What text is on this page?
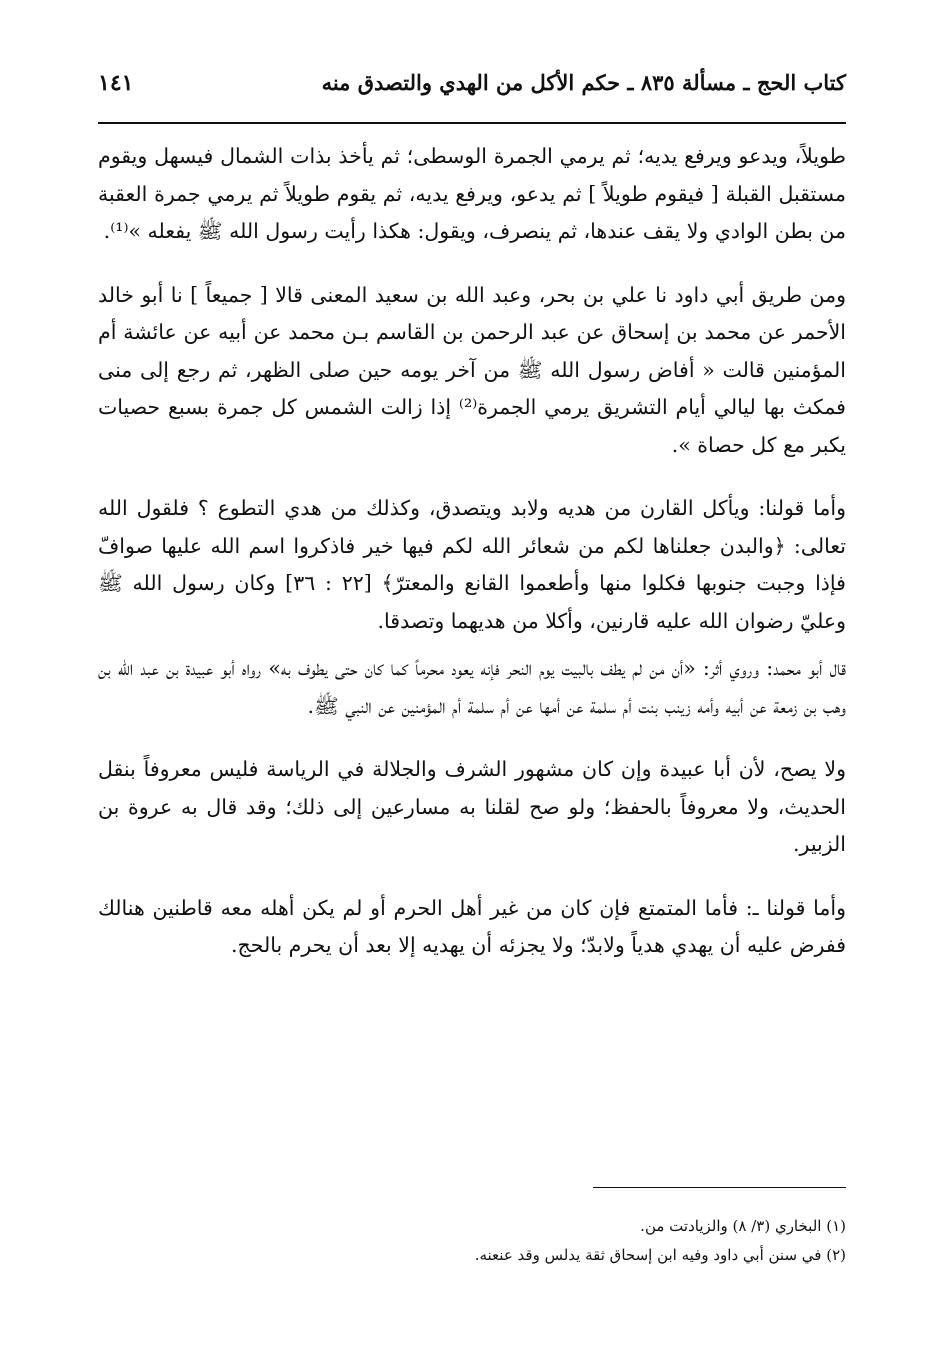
كتاب الحج ـ مسألة ٨٣٥ ـ حكم الأكل من الهدي والتصدق منه
١٤١

طويلاً، ويدعو ويرفع يديه؛ ثم يرمي الجمرة الوسطى؛ ثم يأخذ بذات الشمال فيسهل ويقوم مستقبل القبلة [ فيقوم طويلاً ] ثم يدعو، ويرفع يديه، ثم يقوم طويلاً ثم يرمي جمرة العقبة من بطن الوادي ولا يقف عندها، ثم ينصرف، ويقول: هكذا رأيت رسول الله ﷺ يفعله »⁽¹⁾.

ومن طريق أبي داود نا علي بن بحر، وعبد الله بن سعيد المعنى قالا [ جميعاً ] نا أبو خالد الأحمر عن محمد بن إسحاق عن عبد الرحمن بن القاسم بـن محمد عن أبيه عن عائشة أم المؤمنين قالت « أفاض رسول الله ﷺ من آخر يومه حين صلى الظهر، ثم رجع إلى منى فمكث بها ليالي أيام التشريق يرمي الجمرة⁽²⁾ إذا زالت الشمس كل جمرة بسبع حصيات يكبر مع كل حصاة ».

وأما قولنا: ويأكل القارن من هديه ولابد ويتصدق، وكذلك من هدي التطوع ؟ فلقول الله تعالى: ﴿والبدن جعلناها لكم من شعائر الله لكم فيها خير فاذكروا اسم الله عليها صوافّ فإذا وجبت جنوبها فكلوا منها وأطعموا القانع والمعترّ﴾ [٢٢ : ٣٦] وكان رسول الله ﷺ وعليّ رضوان الله عليه قارنين، وأكلا من هديهما وتصدقا.

قال أبو محمد: وروي أثر: «أن من لم يطف بالبيت يوم النحر فإنه يعود محرماً كما كان حتى يطوف به» رواه أبو عبيدة بن عبد الله بن وهب بن زمعة عن أبيه وأمه زينب بنت أم سلمة عن أمها عن أم سلمة أم المؤمنين عن النبي ﷺ.

ولا يصح، لأن أبا عبيدة وإن كان مشهور الشرف والجلالة في الرياسة فليس معروفاً بنقل الحديث، ولا معروفاً بالحفظ؛ ولو صح لقلنا به مسارعين إلى ذلك؛ وقد قال به عروة بن الزبير.

وأما قولنا ـ: فأما المتمتع فإن كان من غير أهل الحرم أو لم يكن أهله معه قاطنين هنالك ففرض عليه أن يهدي هدياً ولابدّ؛ ولا يجزئه أن يهديه إلا بعد أن يحرم بالحج.

(١) البخاري (٣/ ٨) والزيادتت من.

(٢) في سنن أبي داود وفيه ابن إسحاق ثقة يدلس وقد عنعنه.
